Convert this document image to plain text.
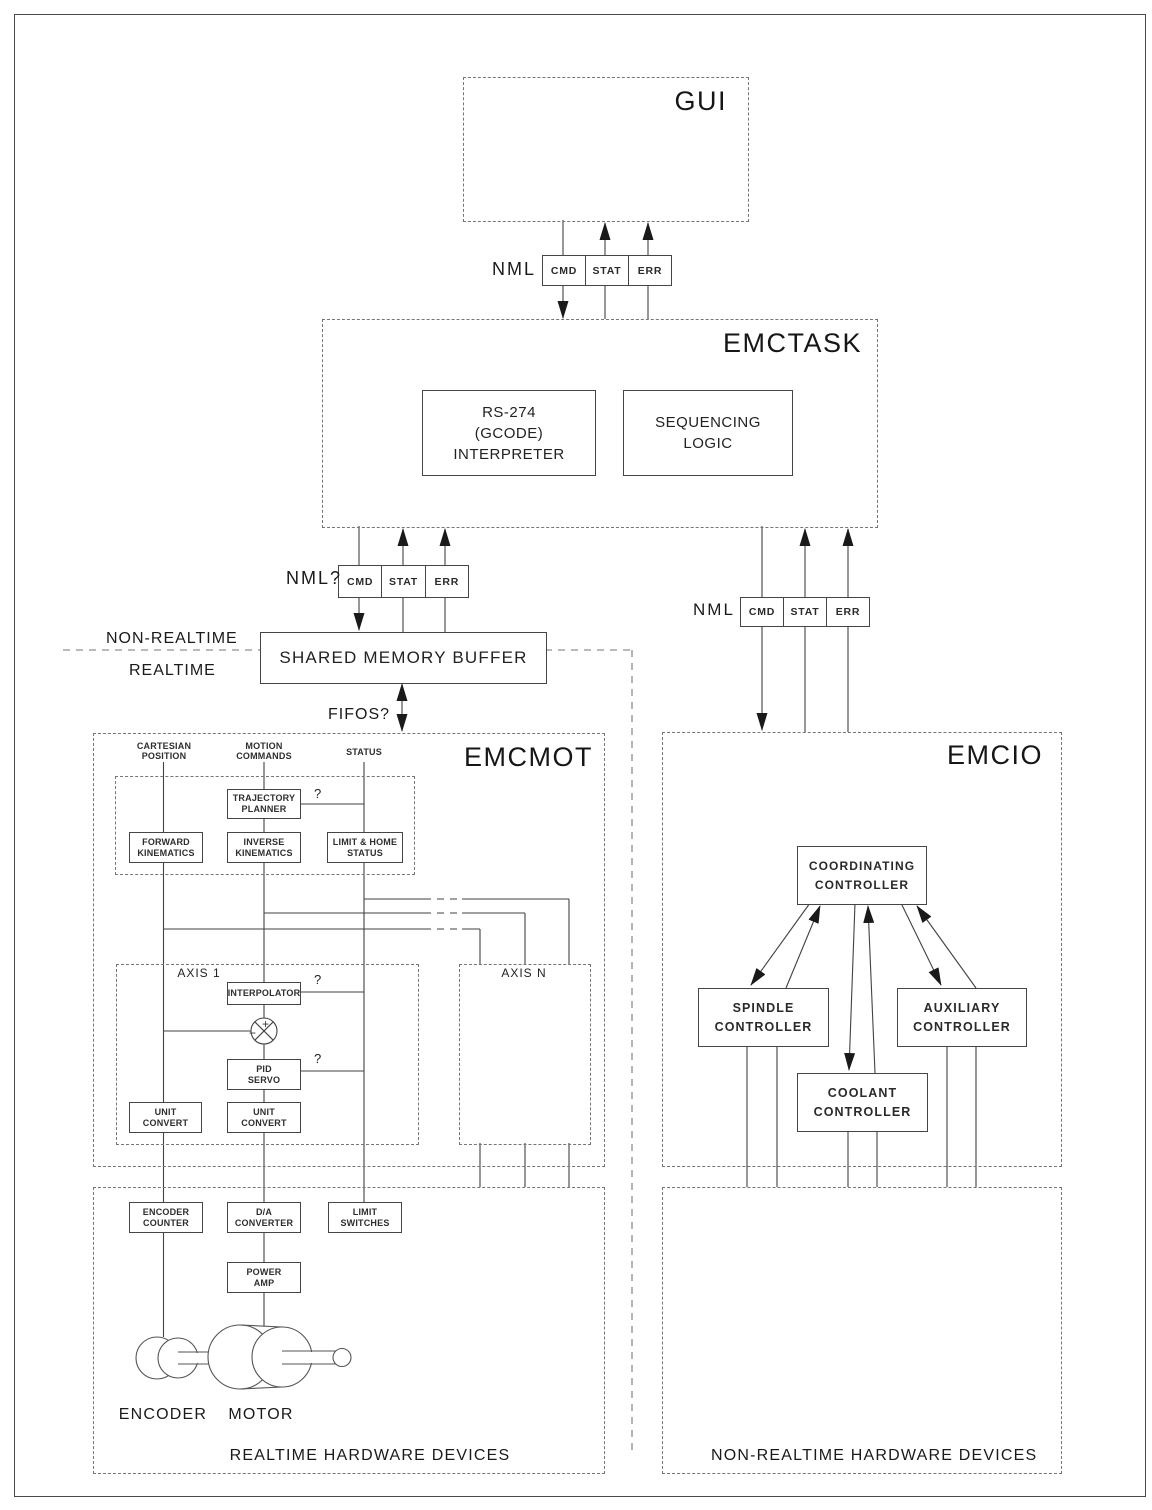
GUI
EMCTASK
EMCMOT	EMCIO
NML	CMD	STAT	ERR
NML? CMD	STAT	ERR
NML	CMD	STAT	ERR
RS-274
(GCODE)
INTERPRETER
SEQUENCING
LOGIC
NON-REALTIME
REALTIME
SHARED MEMORY BUFFER
FIFOS?
CARTESIAN
POSITION
MOTION
COMMANDS	STATUS
TRAJECTORY
PLANNER
FORWARD
KINEMATICS
INVERSE
KINEMATICS
LIMIT & HOME
STATUS
?
?
?
AXIS 1	AXIS N
INTERPOLATOR
+
−
PID
SERVO
UNIT
CONVERT
UNIT
CONVERT
COORDINATING
CONTROLLER
SPINDLE
CONTROLLER
AUXILIARY
CONTROLLER
COOLANT
CONTROLLER
ENCODER
COUNTER
D/A
CONVERTER
LIMIT
SWITCHES
POWER
AMP
ENCODER	MOTOR
REALTIME HARDWARE DEVICES	NON-REALTIME HARDWARE DEVICES
